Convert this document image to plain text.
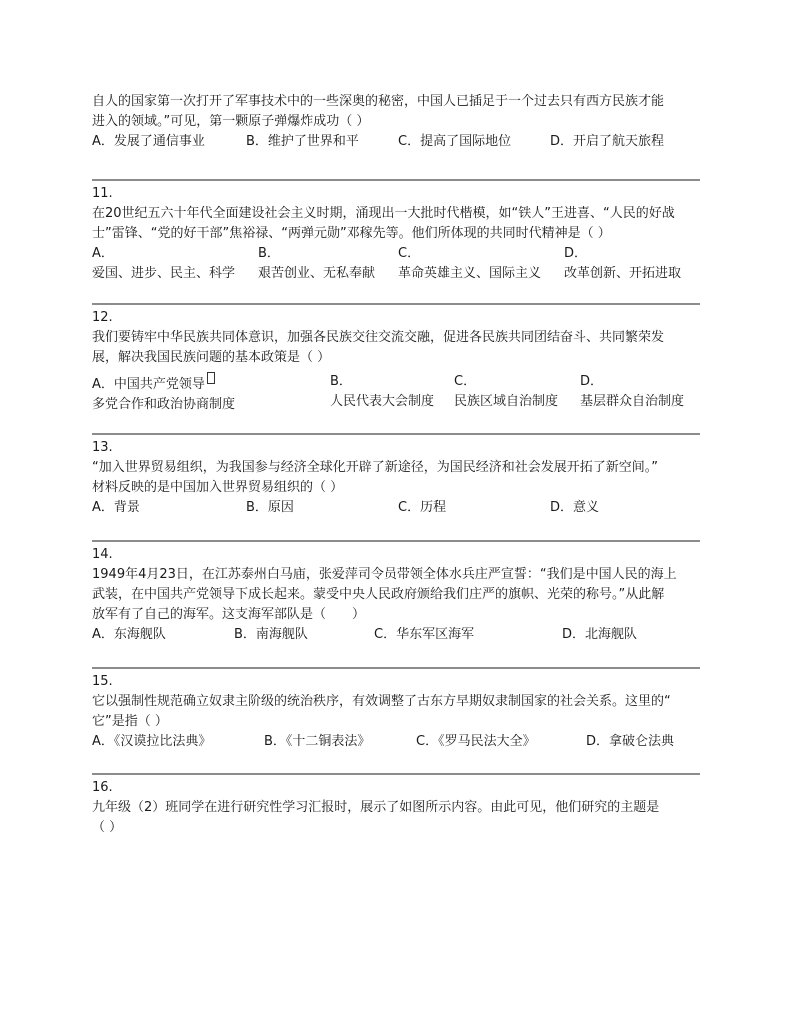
自人的国家第一次打开了军事技术中的一些深奥的秘密，中国人已插足于一个过去只有西方民族才能
进入的领域。”可见，第一颗原子弹爆炸成功（ ）
A．发展了通信事业	B．维护了世界和平	C．提高了国际地位	D．开启了航天旅程
11.
在20世纪五六十年代全面建设社会主义时期，涌现出一大批时代楷模，如“铁人”王进喜、“人民的好战
士”雷锋、“党的好干部”焦裕禄、“两弹元勋”邓稼先等。他们所体现的共同时代精神是（ ）
A．
爱国、进步、民主、科学
B．
艰苦创业、无私奉献
C．
革命英雄主义、国际主义
D．
改革创新、开拓进取
12.
我们要铸牢中华民族共同体意识，加强各民族交往交流交融，促进各民族共同团结奋斗、共同繁荣发
展，解决我国民族问题的基本政策是（ ）
A．中国共产党领导
多党合作和政治协商制度
B．
人民代表大会制度
C．
民族区域自治制度
D．
基层群众自治制度
13.
“加入世界贸易组织，为我国参与经济全球化开辟了新途径，为国民经济和社会发展开拓了新空间。”
材料反映的是中国加入世界贸易组织的（ ）
A．背景	B．原因	C．历程	D．意义
14.
1949年4月23日，在江苏泰州白马庙，张爱萍司令员带领全体水兵庄严宣誓：“我们是中国人民的海上
武装，在中国共产党领导下成长起来。蒙受中央人民政府颁给我们庄严的旗帜、光荣的称号。”从此解
放军有了自己的海军。这支海军部队是（　　）
A．东海舰队	B．南海舰队	C．华东军区海军	D．北海舰队
15.
它以强制性规范确立奴隶主阶级的统治秩序，有效调整了古东方早期奴隶制国家的社会关系。这里的“
它”是指（ ）
A．《汉谟拉比法典》	B．《十二铜表法》	C．《罗马民法大全》	D．拿破仑法典
16.
九年级（2）班同学在进行研究性学习汇报时，展示了如图所示内容。由此可见，他们研究的主题是
（ ）
